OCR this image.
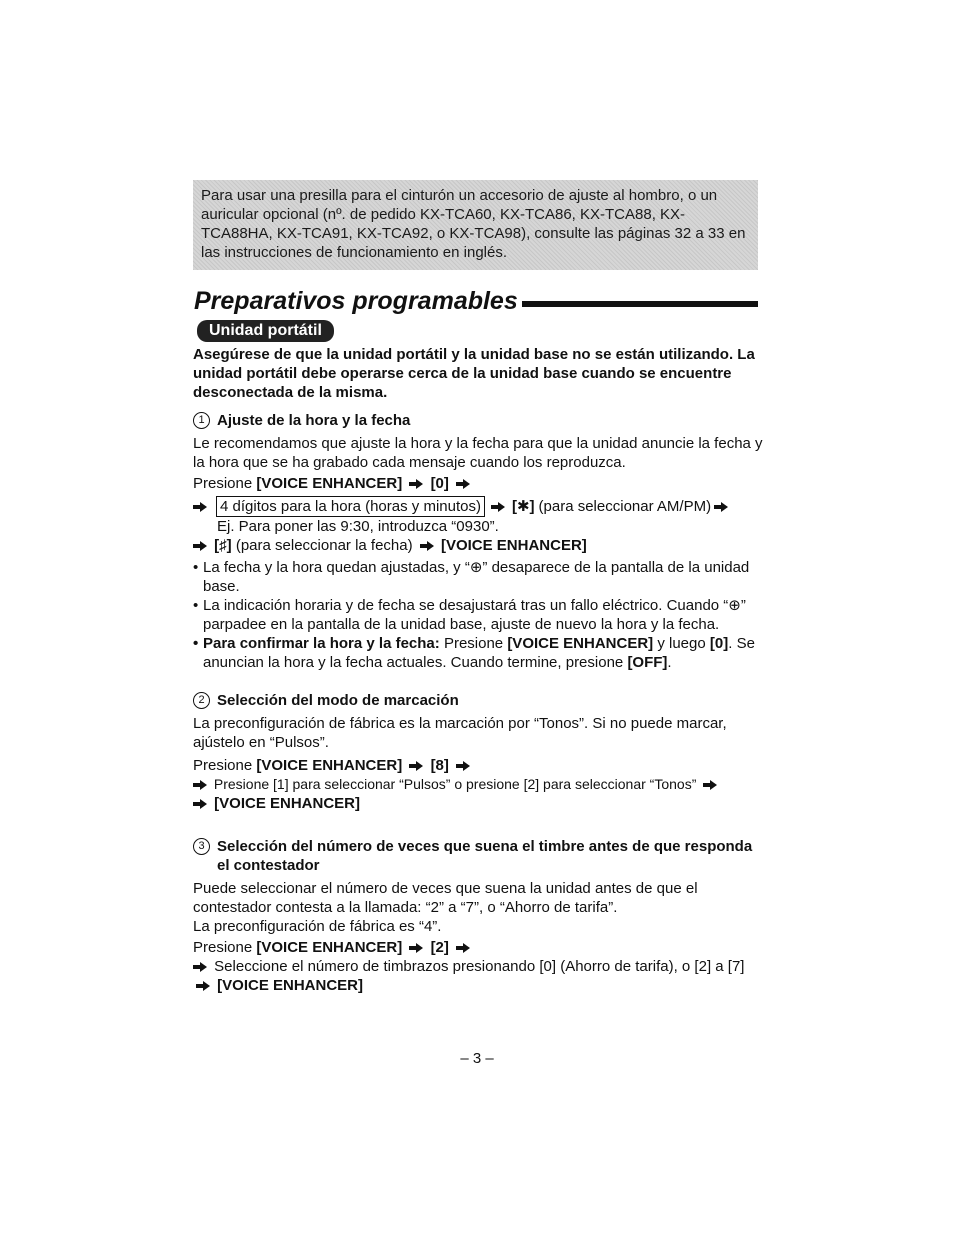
Para usar una presilla para el cinturón un accesorio de ajuste al hombro, o un auricular opcional (nº. de pedido KX-TCA60, KX-TCA86, KX-TCA88, KX-TCA88HA, KX-TCA91, KX-TCA92, o KX-TCA98), consulte las páginas 32 a 33 en las instrucciones de funcionamiento en inglés.
Preparativos programables
Unidad portátil

Asegúrese de que la unidad portátil y la unidad base no se están utilizando. La unidad portátil debe operarse cerca de la unidad base cuando se encuentre desconectada de la misma.

1 Ajuste de la hora y la fecha

Le recomendamos que ajuste la hora y la fecha para que la unidad anuncie la fecha y la hora que se ha grabado cada mensaje cuando los reproduzca.

Presione [VOICE ENHANCER] [0]

4 dígitos para la hora (horas y minutos) [✱] (para seleccionar AM/PM)

Ej. Para poner las 9:30, introduzca “0930”.

[♯] (para seleccionar la fecha) [VOICE ENHANCER]

• La fecha y la hora quedan ajustadas, y “⊕” desaparece de la pantalla de la unidad base.
• La indicación horaria y de fecha se desajustará tras un fallo eléctrico. Cuando “⊕” parpadee en la pantalla de la unidad base, ajuste de nuevo la hora y la fecha.
• Para confirmar la hora y la fecha: Presione [VOICE ENHANCER] y luego [0]. Se anuncian la hora y la fecha actuales. Cuando termine, presione [OFF].

2 Selección del modo de marcación

La preconfiguración de fábrica es la marcación por “Tonos”. Si no puede marcar, ajústelo en “Pulsos”.

Presione [VOICE ENHANCER] [8]

Presione [1] para seleccionar “Pulsos” o presione [2] para seleccionar “Tonos”

[VOICE ENHANCER]

3 Selección del número de veces que suena el timbre antes de que responda el contestador

Puede seleccionar el número de veces que suena la unidad antes de que el contestador contesta a la llamada: “2” a “7”, o “Ahorro de tarifa”.

La preconfiguración de fábrica es “4”.

Presione [VOICE ENHANCER] [2]

Seleccione el número de timbrazos presionando [0] (Ahorro de tarifa), o [2] a [7]  [VOICE ENHANCER]

– 3 –
